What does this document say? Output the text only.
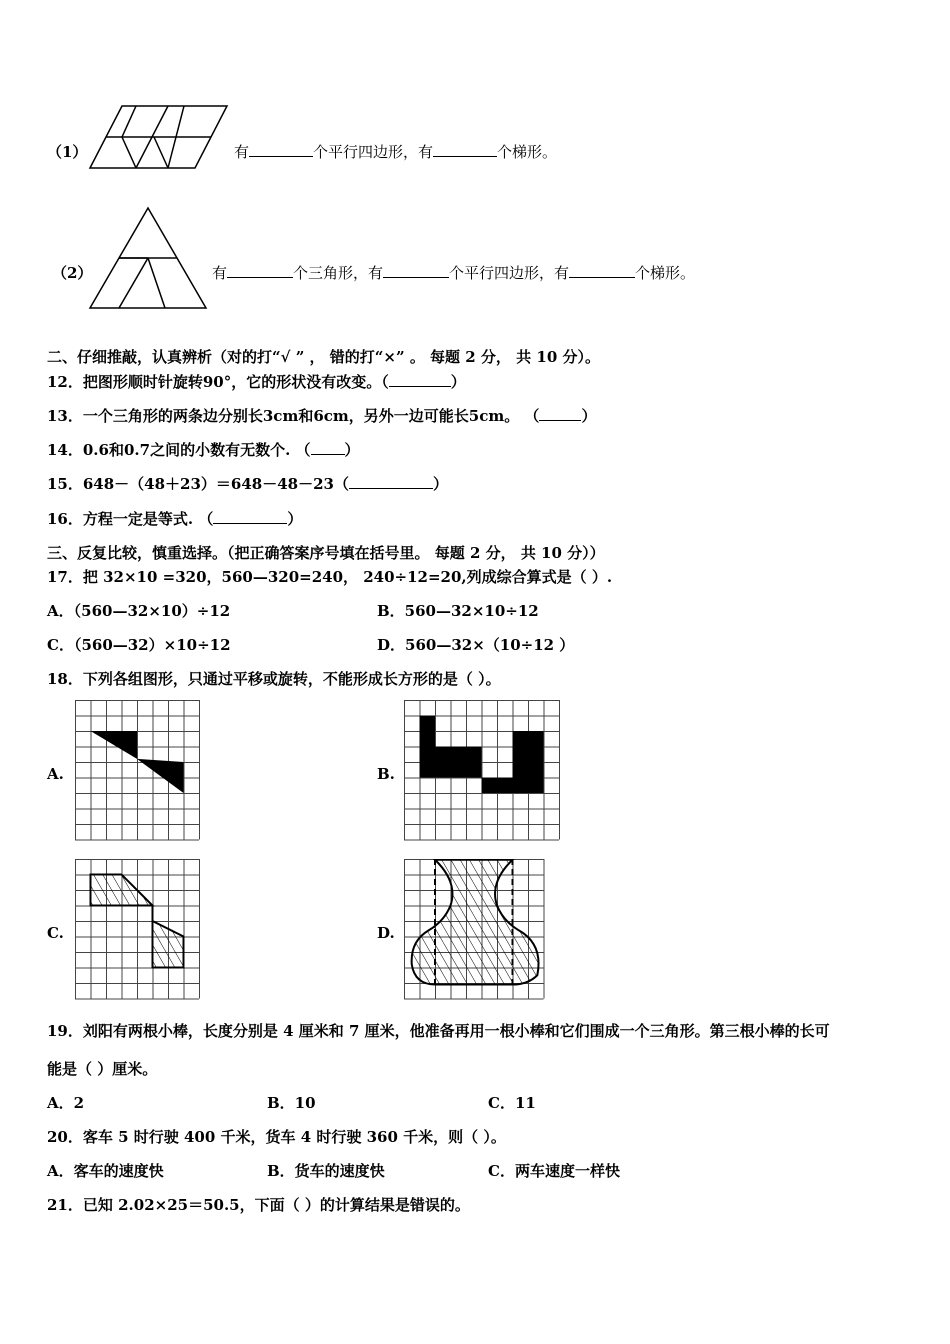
（1）	有	个平行四边形，有	个梯形。
（2）	有	个三角形，有	个平行四边形，有	个梯形。
二、仔细推敲，认真辨析（对的打“√ ” ， 错的打“×” 。 每题 2 分， 共 10 分）。
12．把图形顺时针旋转90°，它的形状没有改变。（	）
13．一个三角形的两条边分别长3cm和6cm，另外一边可能长5cm。 （	）
14．0.6和0.7之间的小数有无数个. （ ）
15．648－（48＋23）＝648－48－23（	）
16．方程一定是等式. （	）
三、反复比较，慎重选择。（把正确答案序号填在括号里。 每题 2 分， 共 10 分））
17．把 32×10 =320，560—320=240， 240÷12=20,列成综合算式是（ ）.
A．（560—32×10）÷12	B．560—32×10÷12
C．（560—32）×10÷12	D．560—32×（10÷12 ）
18．下列各组图形，只通过平移或旋转，不能形成长方形的是（ ）。
A.	B.
C.	D.
19．刘阳有两根小棒，长度分别是 4 厘米和 7 厘米，他准备再用一根小棒和它们围成一个三角形。第三根小棒的长可
能是（ ）厘米。
A．2	B．10	C．11
20．客车 5 时行驶 400 千米，货车 4 时行驶 360 千米，则（ ）。
A．客车的速度快	B．货车的速度快	C．两车速度一样快
21．已知 2.02×25＝50.5，下面（ ）的计算结果是错误的。
